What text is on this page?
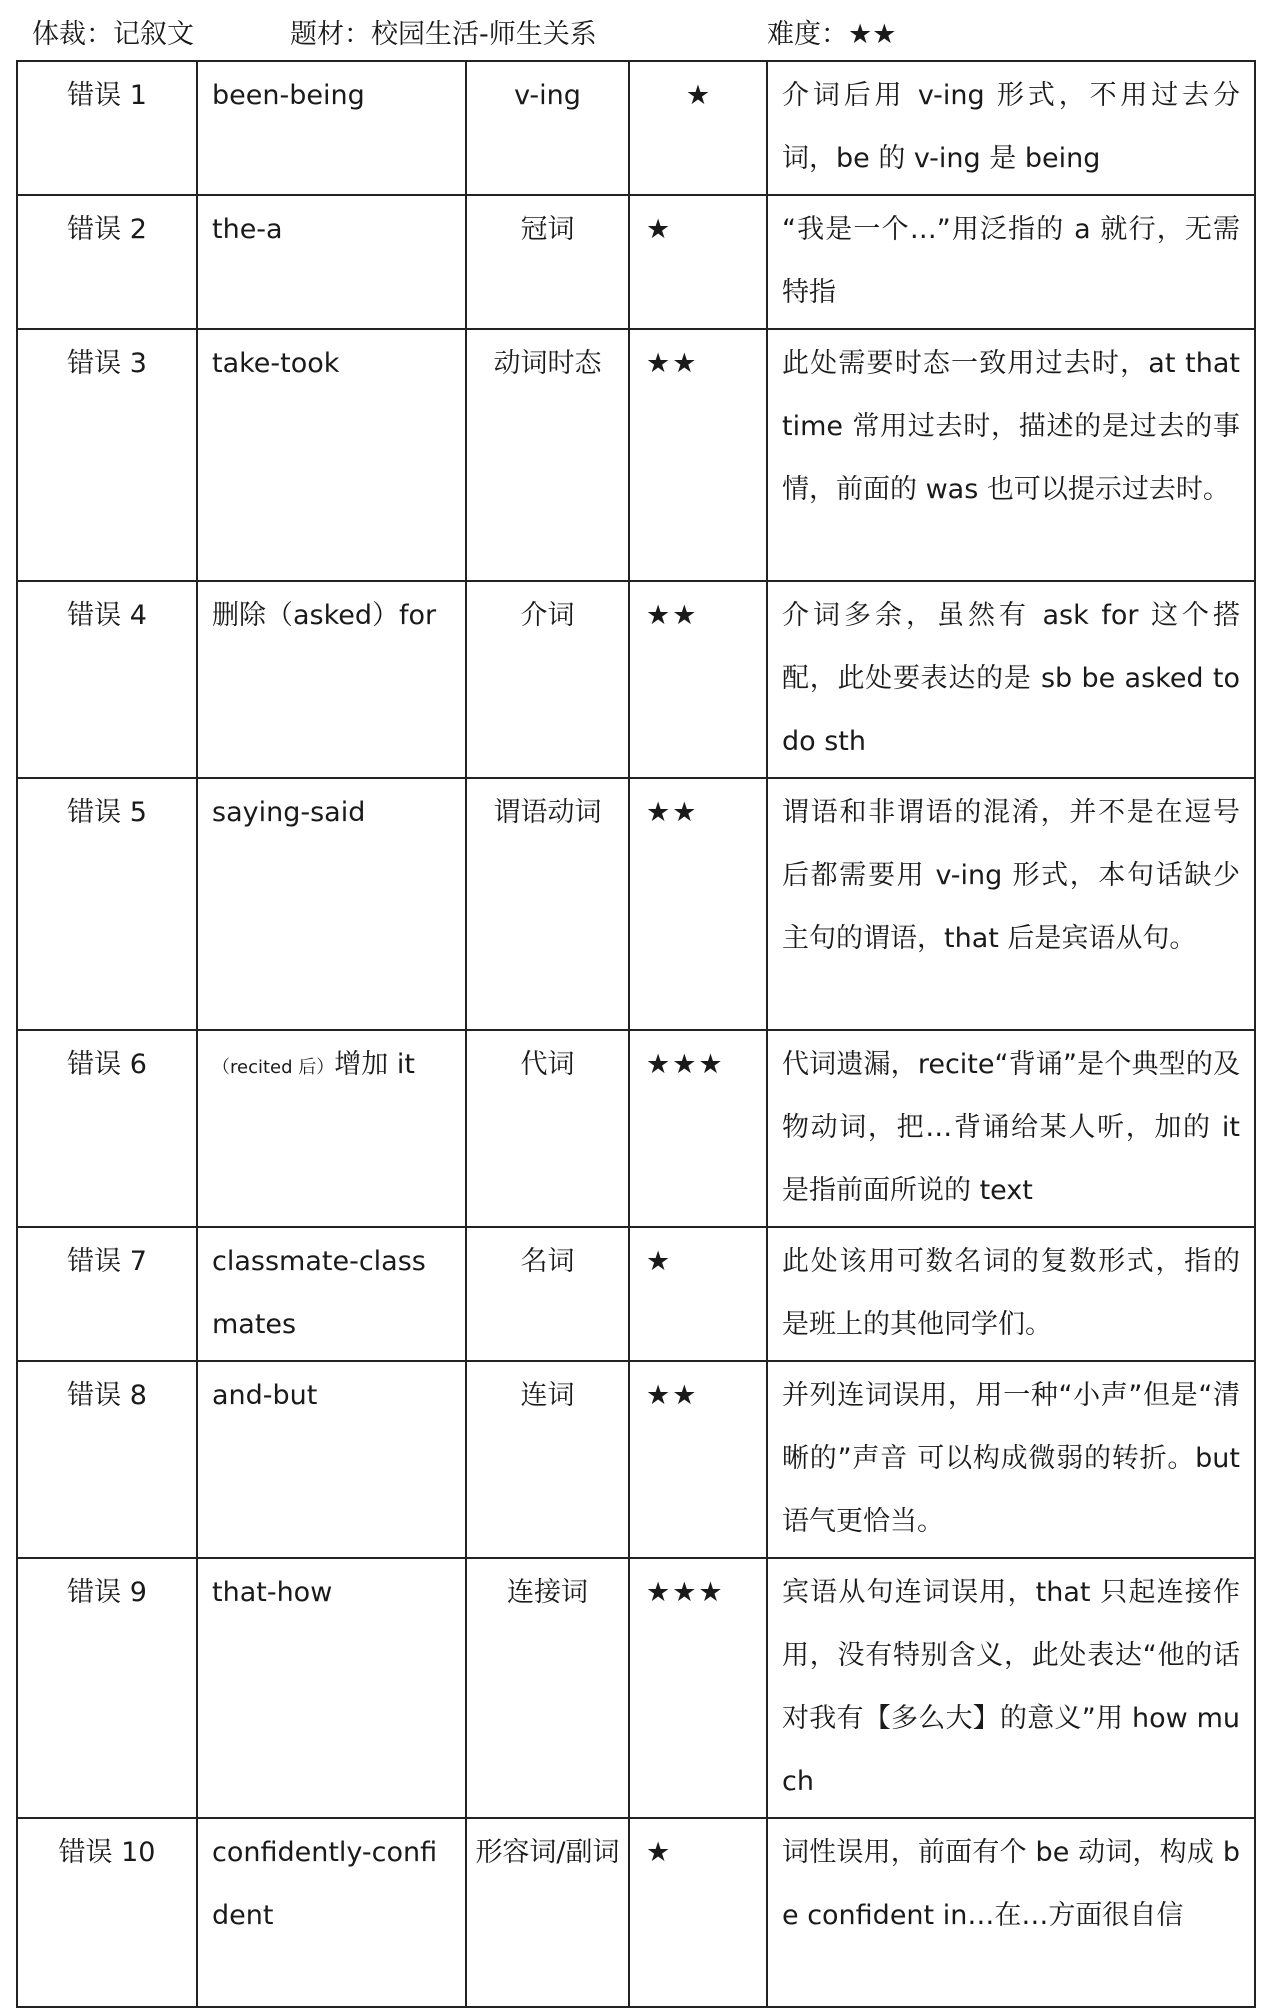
体裁：记叙文	题材：校园生活-师生关系	难度：★★
错误 1	been-being	v-ing	★	介词后用 v-ing 形式，不用过去分词，be 的 v-ing 是 being
错误 2	the-a	冠词	★	“我是一个…”用泛指的 a 就行，无需特指
错误 3	take-took	动词时态	★★	此处需要时态一致用过去时，at that time 常用过去时，描述的是过去的事情，前面的 was 也可以提示过去时。
错误 4	删除（asked）for	介词	★★	介词多余，虽然有 ask for 这个搭配，此处要表达的是 sb be asked to do sth
错误 5	saying-said	谓语动词	★★	谓语和非谓语的混淆，并不是在逗号后都需要用 v-ing 形式，本句话缺少主句的谓语，that 后是宾语从句。
错误 6	（recited 后）增加 it	代词	★★★	代词遗漏，recite“背诵”是个典型的及物动词，把…背诵给某人听，加的 it 是指前面所说的 text
错误 7	classmate-classmates	名词	★	此处该用可数名词的复数形式，指的是班上的其他同学们。
错误 8	and-but	连词	★★	并列连词误用，用一种“小声”但是“清晰的”声音 可以构成微弱的转折。but 语气更恰当。
错误 9	that-how	连接词	★★★	宾语从句连词误用，that 只起连接作用，没有特别含义，此处表达“他的话对我有【多么大】的意义”用 how much
错误 10	confidently-confident	形容词/副词	★	词性误用，前面有个 be 动词，构成 be confident in…在…方面很自信
